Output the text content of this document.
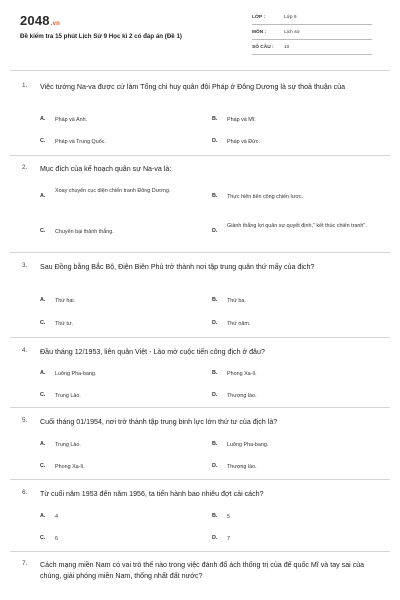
2048.vn
Đề kiểm tra 15 phút Lịch Sử 9 Học kì 2 có đáp án (Đề 1)
LỚP :	Lớp 9
MÔN :	Lịch sử
SỐ CÂU : 10
1. Việc tướng Na-va được cử làm Tổng chỉ huy quân đội Pháp ở Đông Dương là sự thoả thuận của
A. Pháp và Anh.	B. Pháp và Mĩ.
C. Pháp và Trung Quốc.	D. Pháp và Đức.
2. Mục đích của kế hoạch quân sự Na-va là:
A.
Xoay chuyển cục diện chiến tranh Đông Dương.
B. Thực hiện tiến công chiến lược.
C. Chuyển bại thành thắng.	D.
Giành thắng lợi quân sự quyết định," kết thúc chiến tranh".
3. Sau Đồng bằng Bắc Bộ, Điện Biên Phủ trở thành nơi tập trung quân thứ mấy của địch?
A. Thứ hai.	B. Thứ ba.
C. Thứ tư.	D. Thứ năm.
4. Đầu tháng 12/1953, liên quân Việt - Lào mở cuộc tiến công địch ở đâu?
A. Luông Pha-bang.	B. Phong Xa-lì.
C. Trung Lào.	D. Thượng lào.
5. Cuối tháng 01/1954, nơi trở thành tập trung binh lực lớn thứ tư của địch là?
A. Trung Lào.	B. Luông Pha-bang.
C. Phong Xa-lì.	D. Thượng lào.
6. Từ cuối năm 1953 đến năm 1956, ta tiến hành bao nhiêu đợt cải cách?
A. 4	B. 5
C. 6	D. 7
7. Cách mạng miền Nam có vai trò thế nào trong việc đánh đổ ách thống trị của đế quốc Mĩ và tay sai của chúng, giải phóng miền Nam, thống nhất đất nước?
